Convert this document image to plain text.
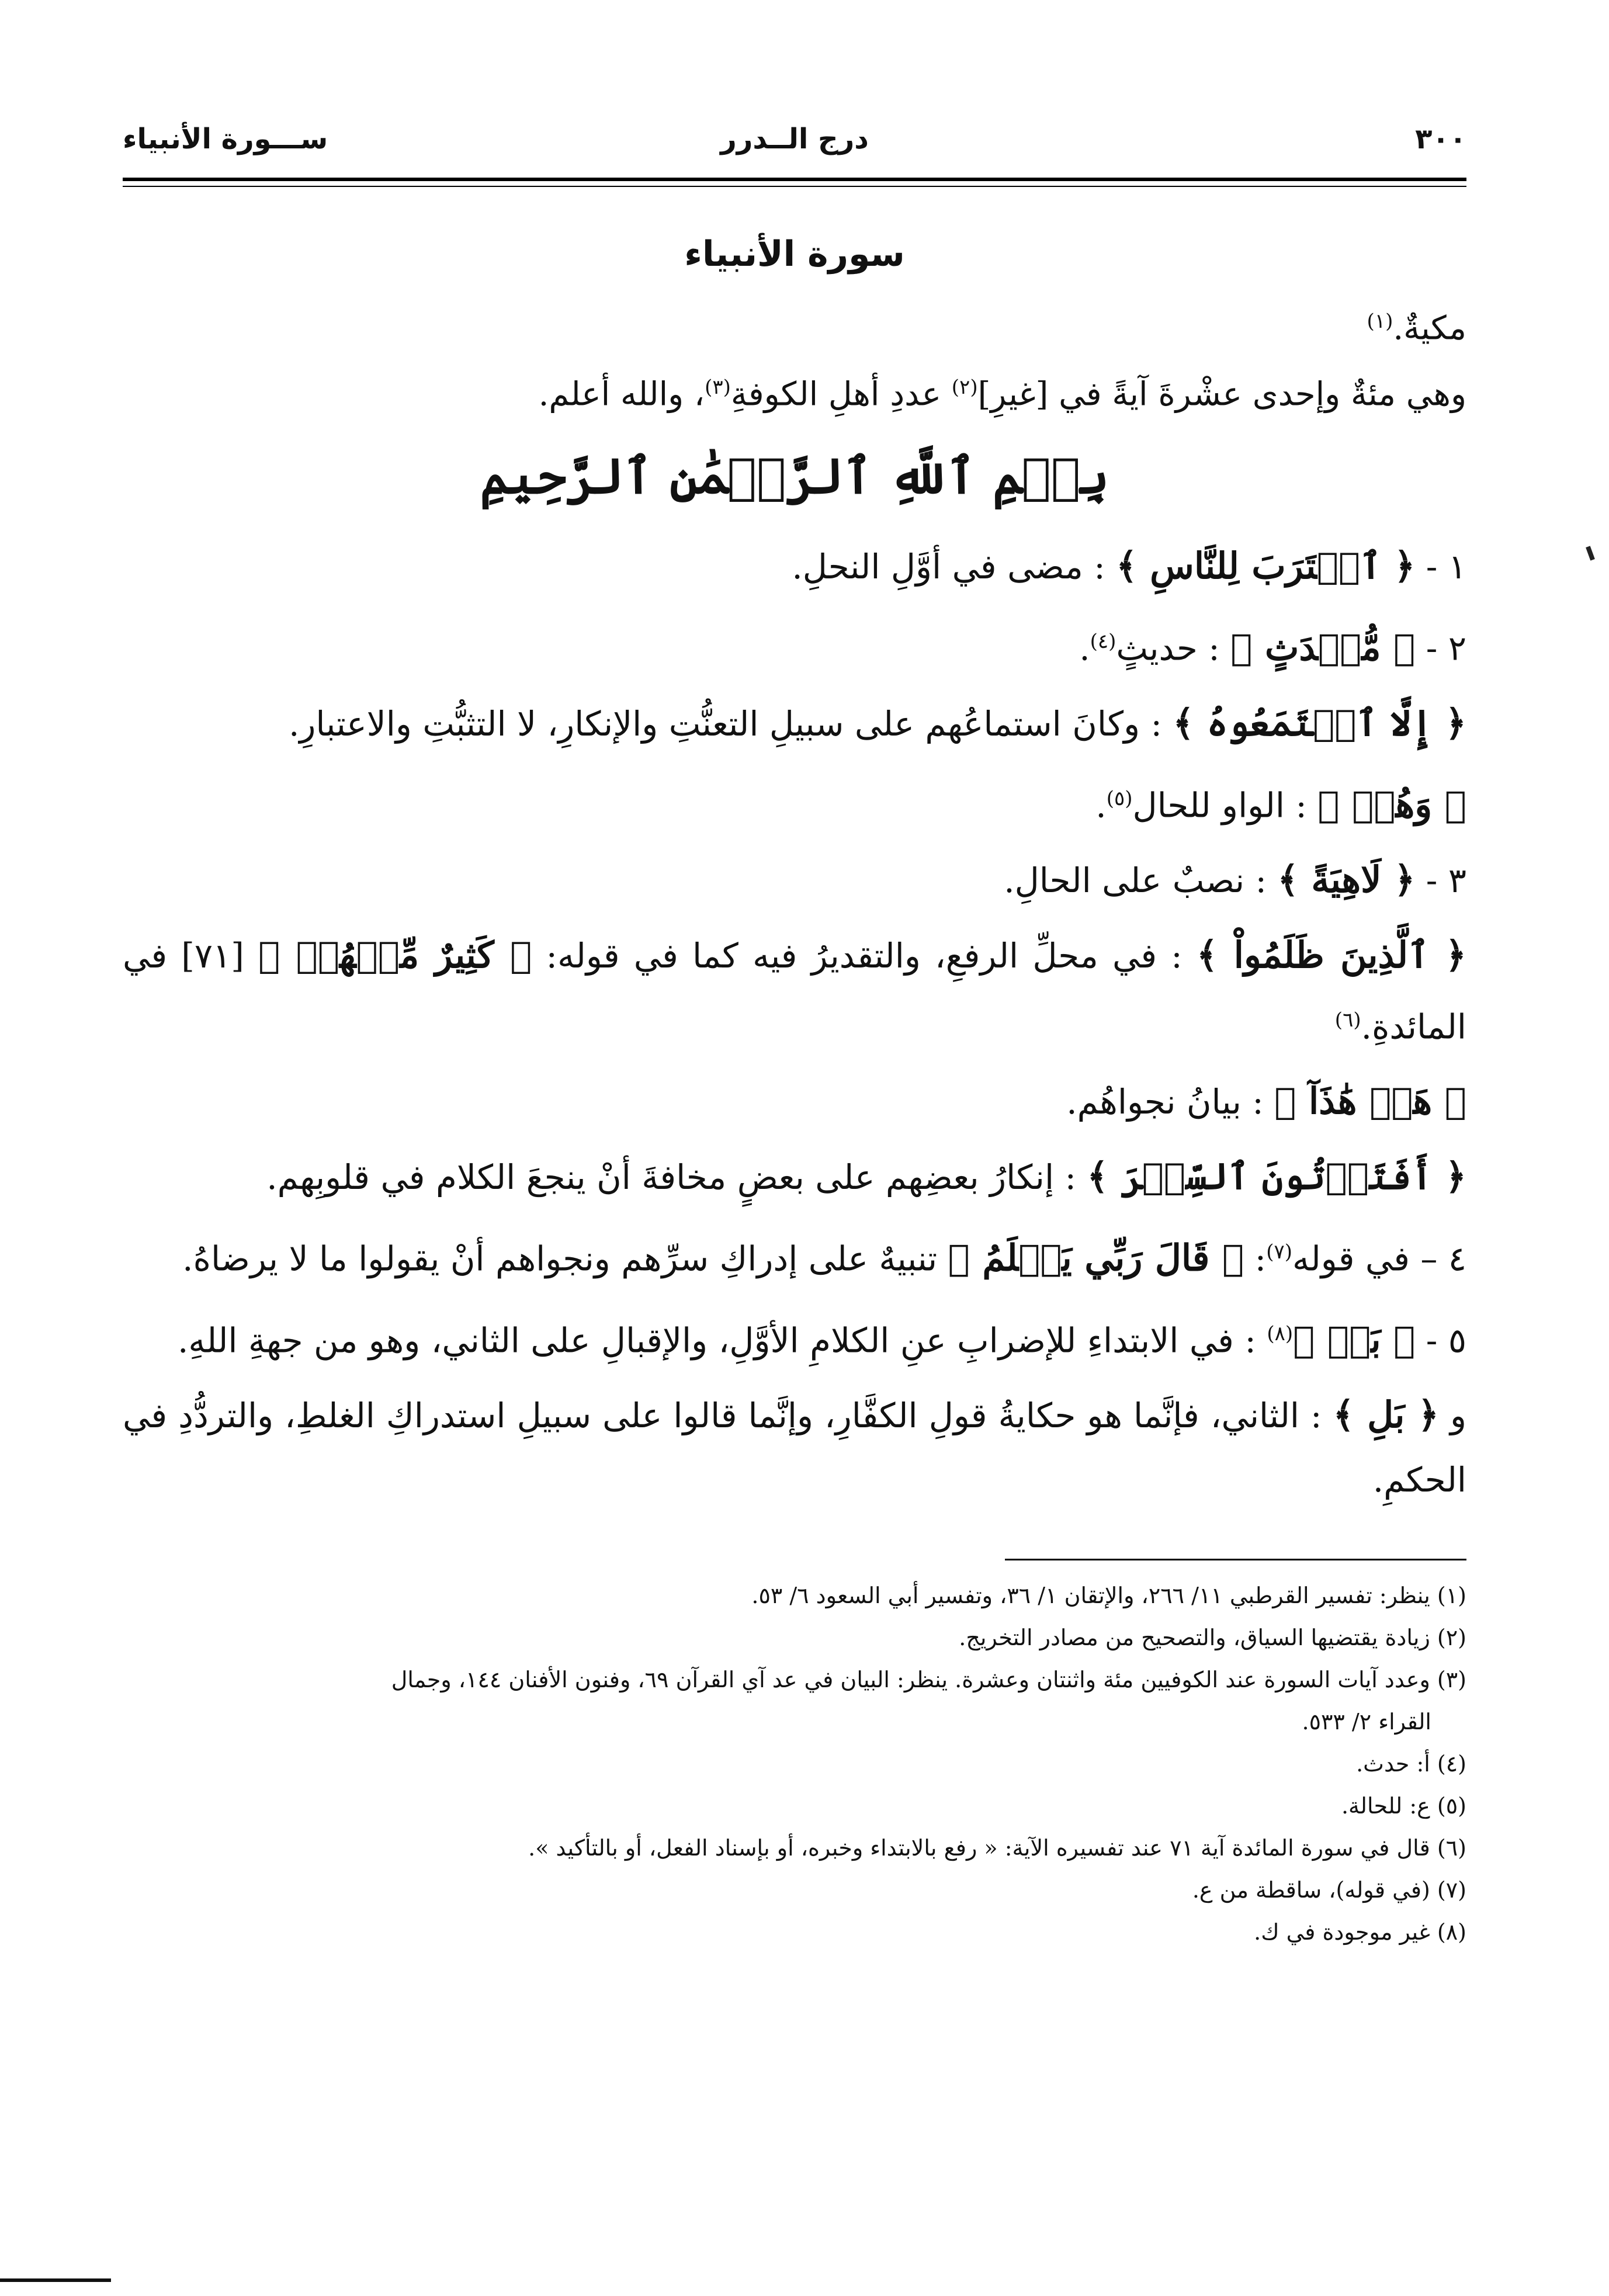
٣٠٠
درج الــدرر
ســـورة الأنبياء
سورة الأنبياء
مكيةٌ.$^{(١)}$
وهي مئةٌ وإحدى عشْرةَ آيةً في [غيرِ]$^{(٢)}$ عددِ أهلِ الكوفةِ$^{(٣)}$، والله أعلم.
بِسۡمِ ٱللَّهِ ٱلرَّحۡمَٰنِ ٱلرَّحِيمِ
١ - ﴿ ٱقۡتَرَبَ لِلنَّاسِ ﴾ : مضى في أوَّلِ النحلِ.
٢ - ﴿ مُّحۡدَثٍ ﴾ : حديثٍ$^{(٤)}$.
﴿ إِلَّا ٱسۡتَمَعُوهُ ﴾ : وكانَ استماعُهم على سبيلِ التعنُّتِ والإنكارِ، لا التثبُّتِ والاعتبارِ.
﴿ وَهُمۡ ﴾ : الواو للحال$^{(٥)}$.
٣ - ﴿ لَاهِيَةً ﴾ : نصبٌ على الحالِ.
﴿ ٱلَّذِينَ ظَلَمُواْ ﴾ : في محلِّ الرفعِ، والتقديرُ فيه كما في قوله: ﴿ كَثِيرٌ مِّنۡهُمۡ ﴾ [٧١] في المائدةِ.$^{(٦)}$
﴿ هَلۡ هَٰذَآ ﴾ : بيانُ نجواهُم.
﴿ أَفَتَأۡتُونَ ٱلسِّحۡرَ ﴾ : إنكارُ بعضِهم على بعضٍ مخافةَ أنْ ينجعَ الكلام في قلوبِهم.
٤ – في قوله$^{(٧)}$: ﴿ قَالَ رَبِّي يَعۡلَمُ ﴾ تنبيهٌ على إدراكِ سرِّهم ونجواهم أنْ يقولوا ما لا يرضاهُ.
٥ - ﴿ بَلۡ ﴾$^{(٨)}$ : في الابتداءِ للإضرابِ عنِ الكلامِ الأوَّلِ، والإقبالِ على الثاني، وهو من جهةِ اللهِ.
و ﴿ بَلِ ﴾ : الثاني، فإنَّما هو حكايةُ قولِ الكفَّارِ، وإنَّما قالوا على سبيلِ استدراكِ الغلطِ، والتردُّدِ في الحكمِ.
(١) ينظر: تفسير القرطبي ١١/ ٢٦٦، والإتقان ١/ ٣٦، وتفسير أبي السعود ٦/ ٥٣.
(٢) زيادة يقتضيها السياق، والتصحيح من مصادر التخريج.
(٣) وعدد آيات السورة عند الكوفيين مئة واثنتان وعشرة. ينظر: البيان في عد آي القرآن ٦٩، وفنون الأفنان ١٤٤، وجمال
القراء ٢/ ٥٣٣.
(٤) أ: حدث.
(٥) ع: للحالة.
(٦) قال في سورة المائدة آية ٧١ عند تفسيره الآية: « رفع بالابتداء وخبره، أو بإسناد الفعل، أو بالتأكيد ».
(٧) (في قوله)، ساقطة من ع.
(٨) غير موجودة في ك.
